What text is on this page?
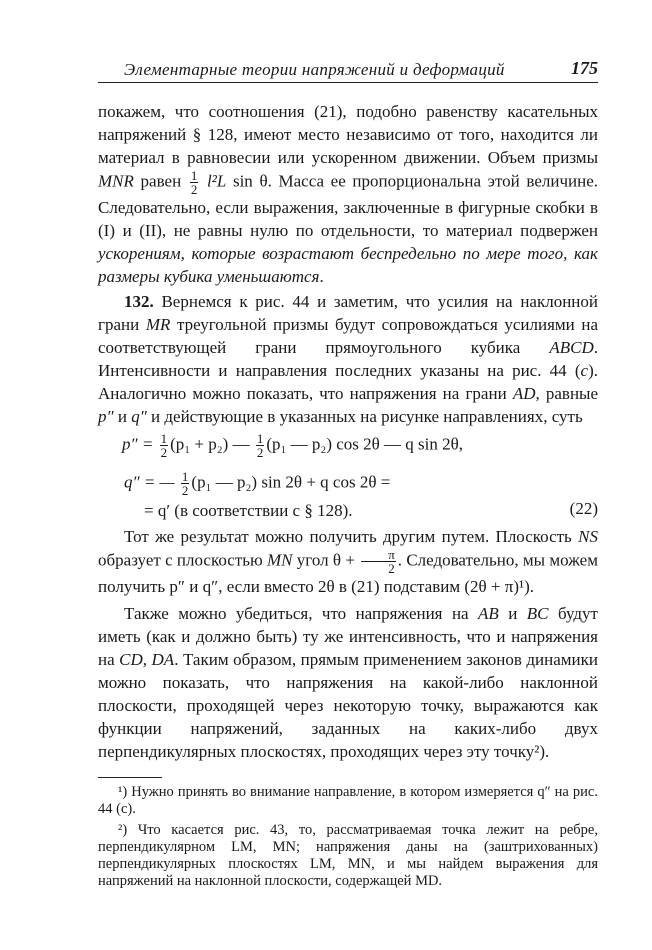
Элементарные теории напряжений и деформаций	175

покажем, что соотношения (21), подобно равенству касательных напряжений § 128, имеют место независимо от того, находится ли материал в равновесии или ускоренном движении. Объем призмы MNR равен $\frac{1}{2} l^2L$ sin θ. Масса ее пропорциональна этой величине. Следовательно, если выражения, заключенные в фигурные скобки в (I) и (II), не равны нулю по отдельности, то материал подвержен ускорениям, которые возрастают беспредельно по мере того, как размеры кубика уменьшаются.

132. Вернемся к рис. 44 и заметим, что усилия на наклонной грани MR треугольной призмы будут сопровождаться усилиями на соответствующей грани прямоугольного кубика ABCD. Интенсивности и направления последних указаны на рис. 44 (c). Аналогично можно показать, что напряжения на грани AD, равные p″ и q″ и действующие в указанных на рисунке направлениях, суть

$p'' = \frac{1}{2} (p_1 + p_2)$ — $\frac{1}{2} (p_1$ — p₂) cos 2θ — q sin 2θ,
q″ = — $\frac{1}{2} (p_1$ — p₂) sin 2θ + q cos 2θ =
= q′ (в соответствии с § 128).	(22)

Тот же результат можно получить другим путем. Плоскость NS образует с плоскостью MN угол $\theta + \frac{\pi}{2}$ . Следовательно, мы можем получить p″ и q″, если вместо 2θ в (21) подставим (2θ + π)¹).

Также можно убедиться, что напряжения на AB и BC будут иметь (как и должно быть) ту же интенсивность, что и напряжения на CD, DA. Таким образом, прямым применением законов динамики можно показать, что напряжения на какой-либо наклонной плоскости, проходящей через некоторую точку, выражаются как функции напряжений, заданных на каких-либо двух перпендикулярных плоскостях, проходящих через эту точку²).

¹) Нужно принять во внимание направление, в котором измеряется q″ на рис. 44 (c).

²) Что касается рис. 43, то, рассматриваемая точка лежит на ребре, перпендикулярном LM, MN; напряжения даны на (заштрихованных) перпендикулярных плоскостях LM, MN, и мы найдем выражения для напряжений на наклонной плоскости, содержащей MD.
